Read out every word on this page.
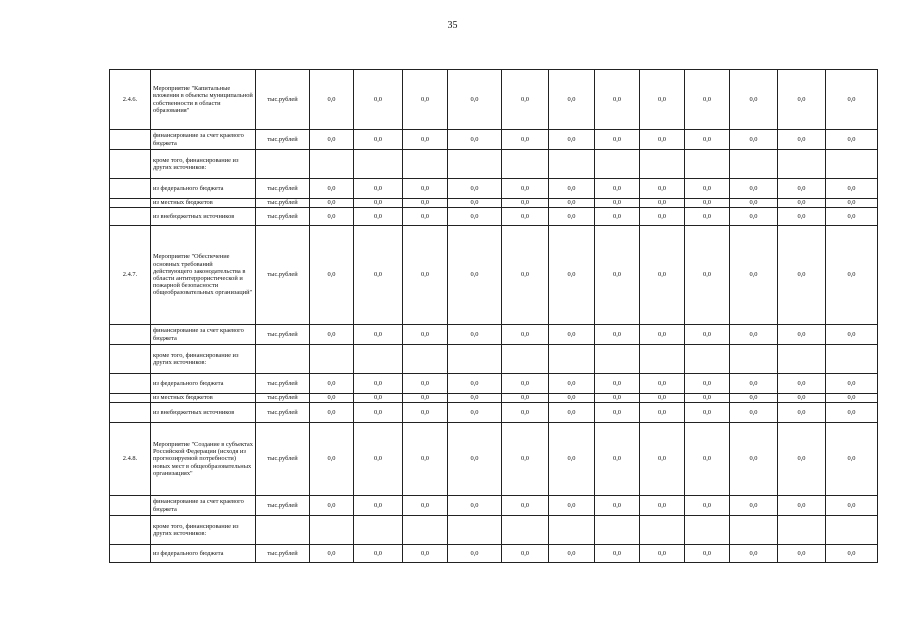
35
2.4.6.	Мероприятие "Капитальные вложения в объекты муниципальной собственности в области образования"	тыс.рублей	0,0	0,0	0,0	0,0	0,0	0,0	0,0	0,0	0,0	0,0	0,0	0,0
	финансирование за счет краевого бюджета	тыс.рублей	0,0	0,0	0,0	0,0	0,0	0,0	0,0	0,0	0,0	0,0	0,0	0,0
	кроме того, финансирование из других источников:													
	из федерального бюджета	тыс.рублей	0,0	0,0	0,0	0,0	0,0	0,0	0,0	0,0	0,0	0,0	0,0	0,0
	из местных бюджетов	тыс.рублей	0,0	0,0	0,0	0,0	0,0	0,0	0,0	0,0	0,0	0,0	0,0	0,0
	из внебюджетных источников	тыс.рублей	0,0	0,0	0,0	0,0	0,0	0,0	0,0	0,0	0,0	0,0	0,0	0,0
2.4.7.	Мероприятие "Обеспечение основных требований действующего законодательства в области антитеррористической и пожарной безопасности общеобразовательных организаций"	тыс.рублей	0,0	0,0	0,0	0,0	0,0	0,0	0,0	0,0	0,0	0,0	0,0	0,0
	финансирование за счет краевого бюджета	тыс.рублей	0,0	0,0	0,0	0,0	0,0	0,0	0,0	0,0	0,0	0,0	0,0	0,0
	кроме того, финансирование из других источников:													
	из федерального бюджета	тыс.рублей	0,0	0,0	0,0	0,0	0,0	0,0	0,0	0,0	0,0	0,0	0,0	0,0
	из местных бюджетов	тыс.рублей	0,0	0,0	0,0	0,0	0,0	0,0	0,0	0,0	0,0	0,0	0,0	0,0
	из внебюджетных источников	тыс.рублей	0,0	0,0	0,0	0,0	0,0	0,0	0,0	0,0	0,0	0,0	0,0	0,0
2.4.8.	Мероприятие "Создание в субъектах Российской Федерации (исходя из прогнозируемой потребности) новых мест в общеобразовательных организациях"	тыс.рублей	0,0	0,0	0,0	0,0	0,0	0,0	0,0	0,0	0,0	0,0	0,0	0,0
	финансирование за счет краевого бюджета	тыс.рублей	0,0	0,0	0,0	0,0	0,0	0,0	0,0	0,0	0,0	0,0	0,0	0,0
	кроме того, финансирование из других источников:													
	из федерального бюджета	тыс.рублей	0,0	0,0	0,0	0,0	0,0	0,0	0,0	0,0	0,0	0,0	0,0	0,0
